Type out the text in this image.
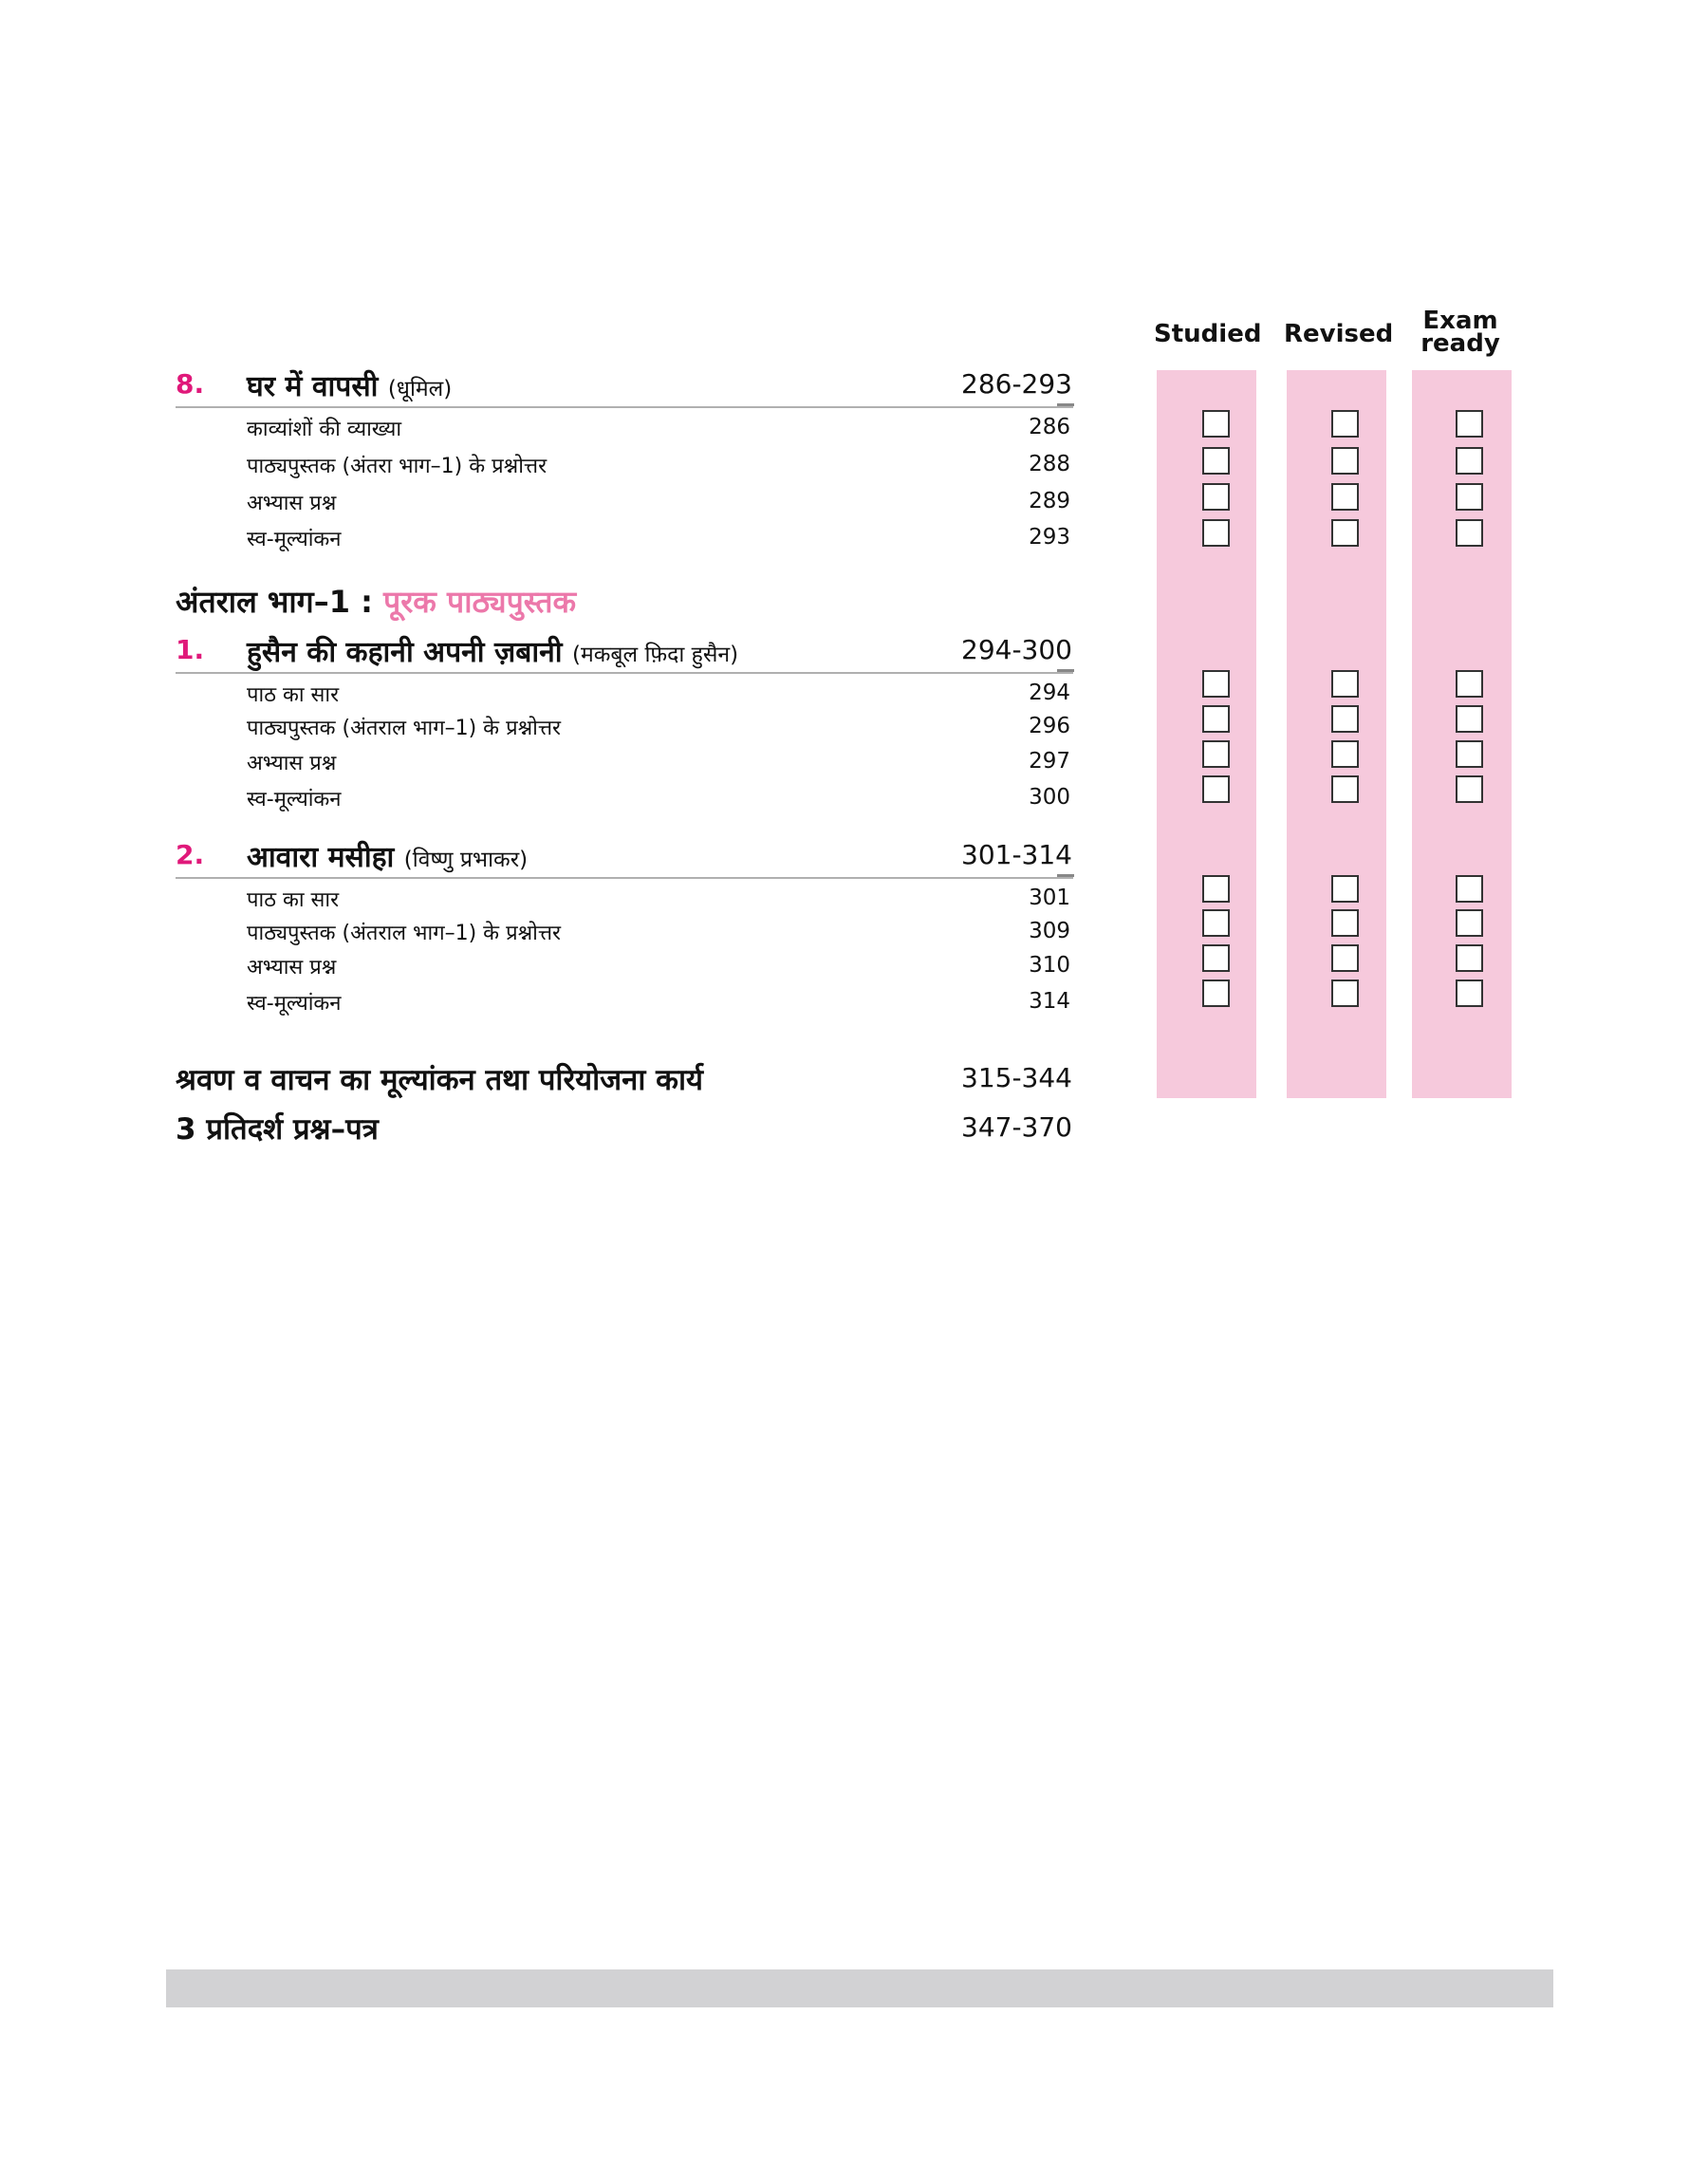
Studied Revised	Exam
ready
8. घर में वापसी (धूमिल)	286-293
काव्यांशों की व्याख्या	286
पाठ्यपुस्तक (अंतरा भाग–1) के प्रश्नोत्तर	288
अभ्यास प्रश्न	289
स्व-मूल्यांकन	293
अंतराल भाग–1 : पूरक पाठ्यपुस्तक
1. हुसैन की कहानी अपनी ज़बानी (मकबूल फ़िदा हुसैन)	294-300
पाठ का सार	294
पाठ्यपुस्तक (अंतराल भाग–1) के प्रश्नोत्तर	296
अभ्यास प्रश्न	297
स्व-मूल्यांकन	300
2. आवारा मसीहा (विष्णु प्रभाकर)	301-314
पाठ का सार	301
पाठ्यपुस्तक (अंतराल भाग–1) के प्रश्नोत्तर	309
अभ्यास प्रश्न	310
स्व-मूल्यांकन	314
श्रवण व वाचन का मूल्यांकन तथा परियोजना कार्य	315-344
3 प्रतिदर्श प्रश्न–पत्र	347-370
